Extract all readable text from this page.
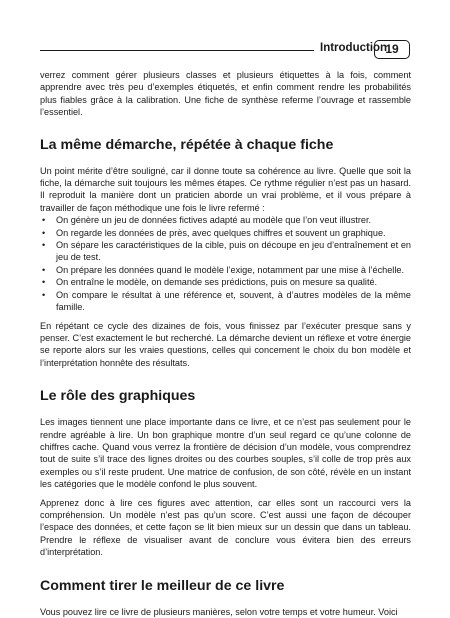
Introduction
19

verrez comment gérer plusieurs classes et plusieurs étiquettes à la fois, comment apprendre avec très peu d’exemples étiquetés, et enfin comment rendre les probabilités plus fiables grâce à la calibration. Une fiche de synthèse referme l’ouvrage et rassemble l’essentiel.

La même démarche, répétée à chaque fiche

Un point mérite d’être souligné, car il donne toute sa cohérence au livre. Quelle que soit la fiche, la démarche suit toujours les mêmes étapes. Ce rythme régulier n’est pas un hasard. Il reproduit la manière dont un praticien aborde un vrai problème, et il vous prépare à travailler de façon méthodique une fois le livre refermé :

• On génère un jeu de données fictives adapté au modèle que l’on veut illustrer.
• On regarde les données de près, avec quelques chiffres et souvent un graphique.
• On sépare les caractéristiques de la cible, puis on découpe en jeu d’entraînement et en jeu de test.
• On prépare les données quand le modèle l’exige, notamment par une mise à l’échelle.
• On entraîne le modèle, on demande ses prédictions, puis on mesure sa qualité.
• On compare le résultat à une référence et, souvent, à d’autres modèles de la même famille.

En répétant ce cycle des dizaines de fois, vous finissez par l’exécuter presque sans y penser. C’est exactement le but recherché. La démarche devient un réflexe et votre énergie se reporte alors sur les vraies questions, celles qui concernent le choix du bon modèle et l’interprétation honnête des résultats.

Le rôle des graphiques

Les images tiennent une place importante dans ce livre, et ce n’est pas seulement pour le rendre agréable à lire. Un bon graphique montre d’un seul regard ce qu’une colonne de chiffres cache. Quand vous verrez la frontière de décision d’un modèle, vous comprendrez tout de suite s’il trace des lignes droites ou des courbes souples, s’il colle de trop près aux exemples ou s’il reste prudent. Une matrice de confusion, de son côté, révèle en un instant les catégories que le modèle confond le plus souvent.

Apprenez donc à lire ces figures avec attention, car elles sont un raccourci vers la compréhension. Un modèle n’est pas qu’un score. C’est aussi une façon de découper l’espace des données, et cette façon se lit bien mieux sur un dessin que dans un tableau. Prendre le réflexe de visualiser avant de conclure vous évitera bien des erreurs d’interprétation.

Comment tirer le meilleur de ce livre

Vous pouvez lire ce livre de plusieurs manières, selon votre temps et votre humeur. Voici
